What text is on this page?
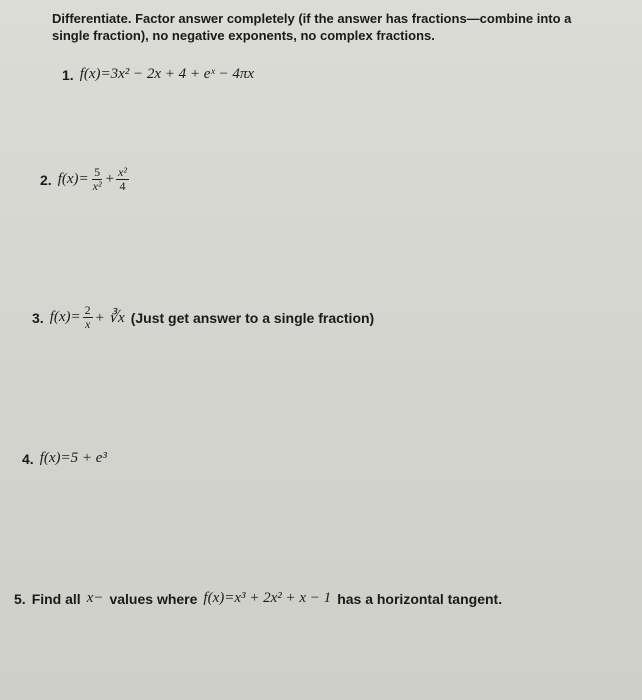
Differentiate. Factor answer completely (if the answer has fractions—combine into a single fraction), no negative exponents, no complex fractions.
1. f(x)= 3x² − 2x + 4 + eˣ − 4πx
2. $f(x)= \frac{5}{\text{x²}} + \frac{\text{x²}}{4}$
3. $f(x)= \frac{2}{x}$ + ∛x (Just get answer to a single fraction)
4. f(x)= 5 + e³
5. Find all x− values where f(x)=x³ + 2x² + x − 1 has a horizontal tangent.
